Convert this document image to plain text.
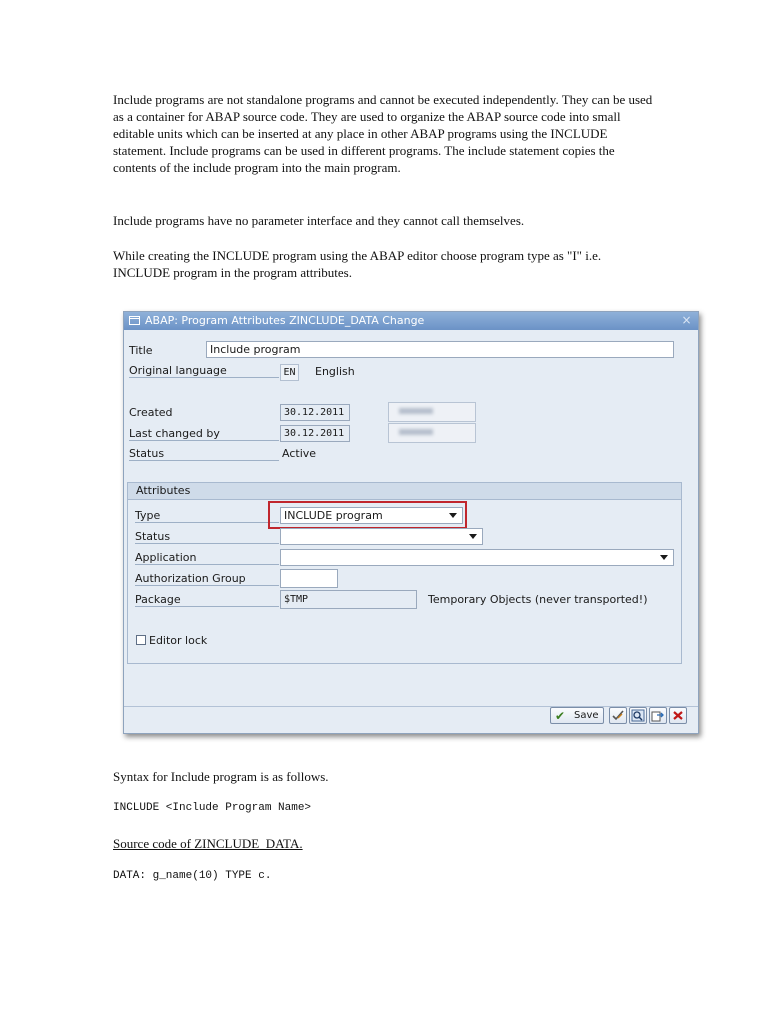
Include programs are not standalone programs and cannot be executed independently. They can be used as a container for ABAP source code. They are used to organize the ABAP source code into small editable units which can be inserted at any place in other ABAP programs using the INCLUDE statement. Include programs can be used in different programs. The include statement copies the contents of the include program into the main program.

Include programs have no parameter interface and they cannot call themselves.

While creating the INCLUDE program using the ABAP editor choose program type as "I" i.e. INCLUDE program in the program attributes.

ABAP: Program Attributes ZINCLUDE_DATA Change	×
Title	Include program
Original language	EN	English
Created	30.12.2011
Last changed by	30.12.2011
Status	Active
Attributes
Type	INCLUDE program
Status
Application
Authorization Group
Package	$TMP	Temporary Objects (never transported!)
Editor lock
✔ Save

Syntax for Include program is as follows.

INCLUDE <Include Program Name>
Source code of ZINCLUDE_DATA.
DATA: g_name(10) TYPE c.
